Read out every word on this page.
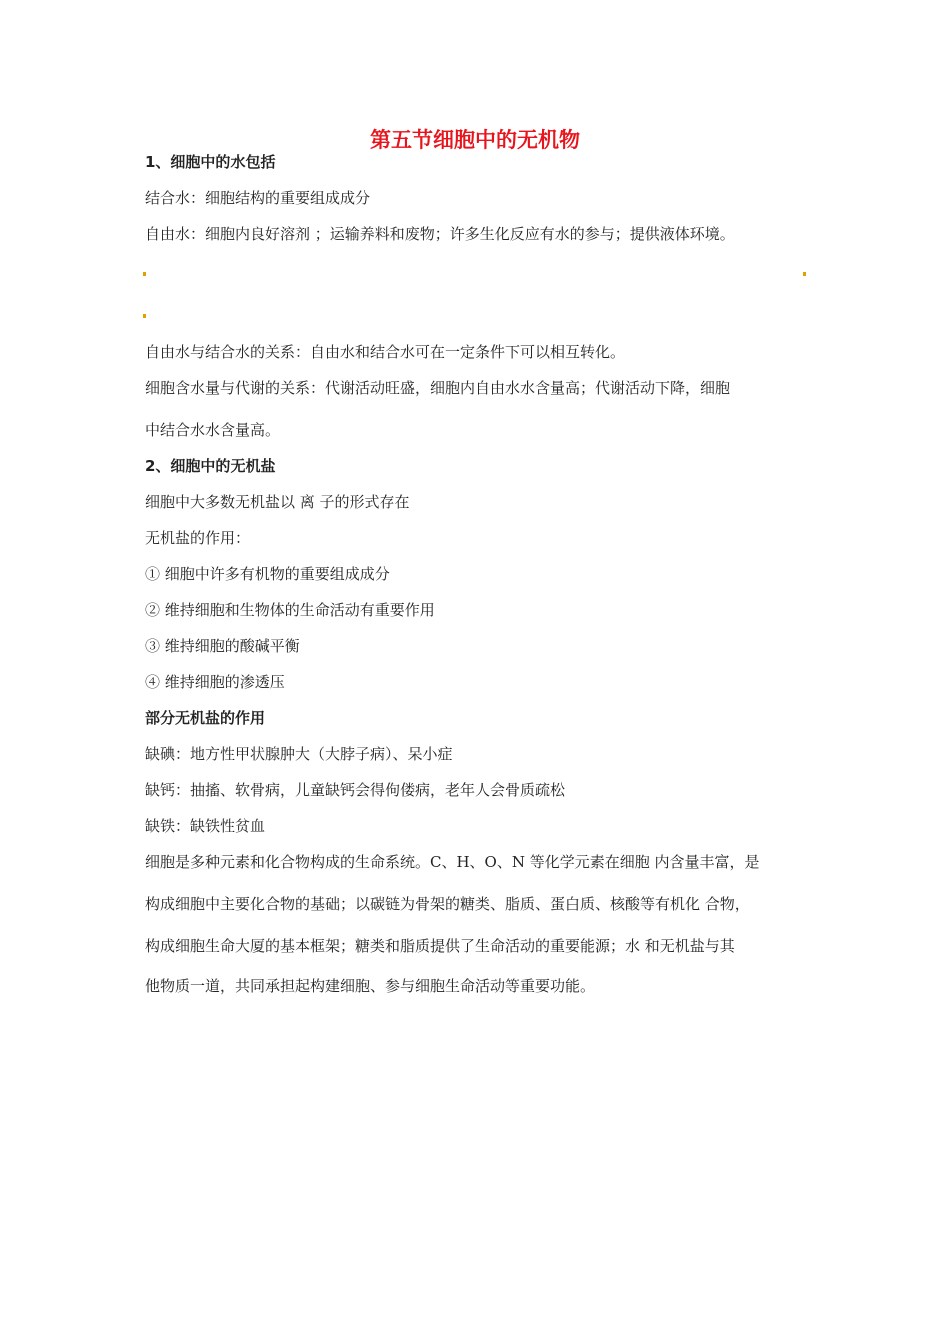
第五节细胞中的无机物
1、细胞中的水包括
结合水：细胞结构的重要组成成分
自由水：细胞内良好溶剂 ；运输养料和废物；许多生化反应有水的参与；提供液体环境。
自由水与结合水的关系：自由水和结合水可在一定条件下可以相互转化。
细胞含水量与代谢的关系：代谢活动旺盛，细胞内自由水水含量高；代谢活动下降，细胞
中结合水水含量高。
2、细胞中的无机盐
细胞中大多数无机盐以 离 子的形式存在
无机盐的作用：
① 细胞中许多有机物的重要组成成分
② 维持细胞和生物体的生命活动有重要作用
③ 维持细胞的酸碱平衡
④ 维持细胞的渗透压
部分无机盐的作用
缺碘：地方性甲状腺肿大（大脖子病）、呆小症
缺钙：抽搐、软骨病，儿童缺钙会得佝偻病，老年人会骨质疏松
缺铁：缺铁性贫血
细胞是多种元素和化合物构成的生命系统。C、H、O、N 等化学元素在细胞 内含量丰富，是
构成细胞中主要化合物的基础；以碳链为骨架的糖类、脂质、蛋白质、核酸等有机化 合物，
构成细胞生命大厦的基本框架；糖类和脂质提供了生命活动的重要能源；水 和无机盐与其
他物质一道，共同承担起构建细胞、参与细胞生命活动等重要功能。
